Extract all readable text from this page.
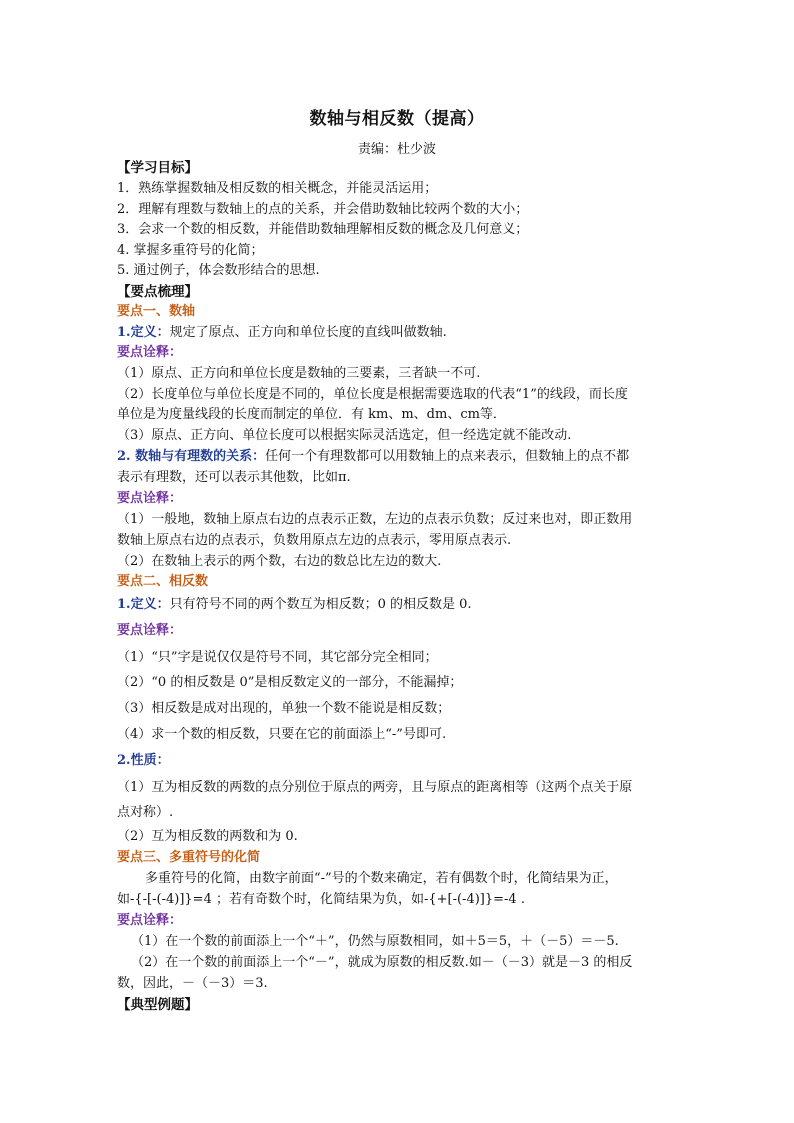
数轴与相反数（提高）
责编：杜少波
【学习目标】
1．熟练掌握数轴及相反数的相关概念，并能灵活运用；
2．理解有理数与数轴上的点的关系，并会借助数轴比较两个数的大小；
3．会求一个数的相反数，并能借助数轴理解相反数的概念及几何意义；
4. 掌握多重符号的化简；
5. 通过例子，体会数形结合的思想.
【要点梳理】
要点一、数轴
1.定义：规定了原点、正方向和单位长度的直线叫做数轴.
要点诠释：
（1）原点、正方向和单位长度是数轴的三要素，三者缺一不可.
（2）长度单位与单位长度是不同的，单位长度是根据需要选取的代表“1”的线段，而长度
单位是为度量线段的长度而制定的单位．有 km、m、dm、cm等．
（3）原点、正方向、单位长度可以根据实际灵活选定，但一经选定就不能改动.
2. 数轴与有理数的关系：任何一个有理数都可以用数轴上的点来表示，但数轴上的点不都
表示有理数，还可以表示其他数，比如π.
要点诠释：
（1）一般地，数轴上原点右边的点表示正数，左边的点表示负数；反过来也对，即正数用
数轴上原点右边的点表示，负数用原点左边的点表示，零用原点表示.
（2）在数轴上表示的两个数，右边的数总比左边的数大.
要点二、相反数
1.定义：只有符号不同的两个数互为相反数；0 的相反数是 0.
要点诠释：
（1）“只”字是说仅仅是符号不同，其它部分完全相同；
（2）“0 的相反数是 0”是相反数定义的一部分，不能漏掉；
（3）相反数是成对出现的，单独一个数不能说是相反数；
（4）求一个数的相反数，只要在它的前面添上“-”号即可.
2.性质：
（1）互为相反数的两数的点分别位于原点的两旁，且与原点的距离相等（这两个点关于原
点对称）.
（2）互为相反数的两数和为 0.
要点三、多重符号的化简
多重符号的化简，由数字前面“-”号的个数来确定，若有偶数个时，化简结果为正，
如-{-[-(-4)]}=4 ；若有奇数个时，化简结果为负，如-{+[-(-4)]}=-4 .
要点诠释：
（1）在一个数的前面添上一个“＋”，仍然与原数相同，如＋5＝5，＋（－5）＝－5.
（2）在一个数的前面添上一个“－”，就成为原数的相反数.如－（－3）就是－3 的相反
数，因此，－（－3）＝3.
【典型例题】
